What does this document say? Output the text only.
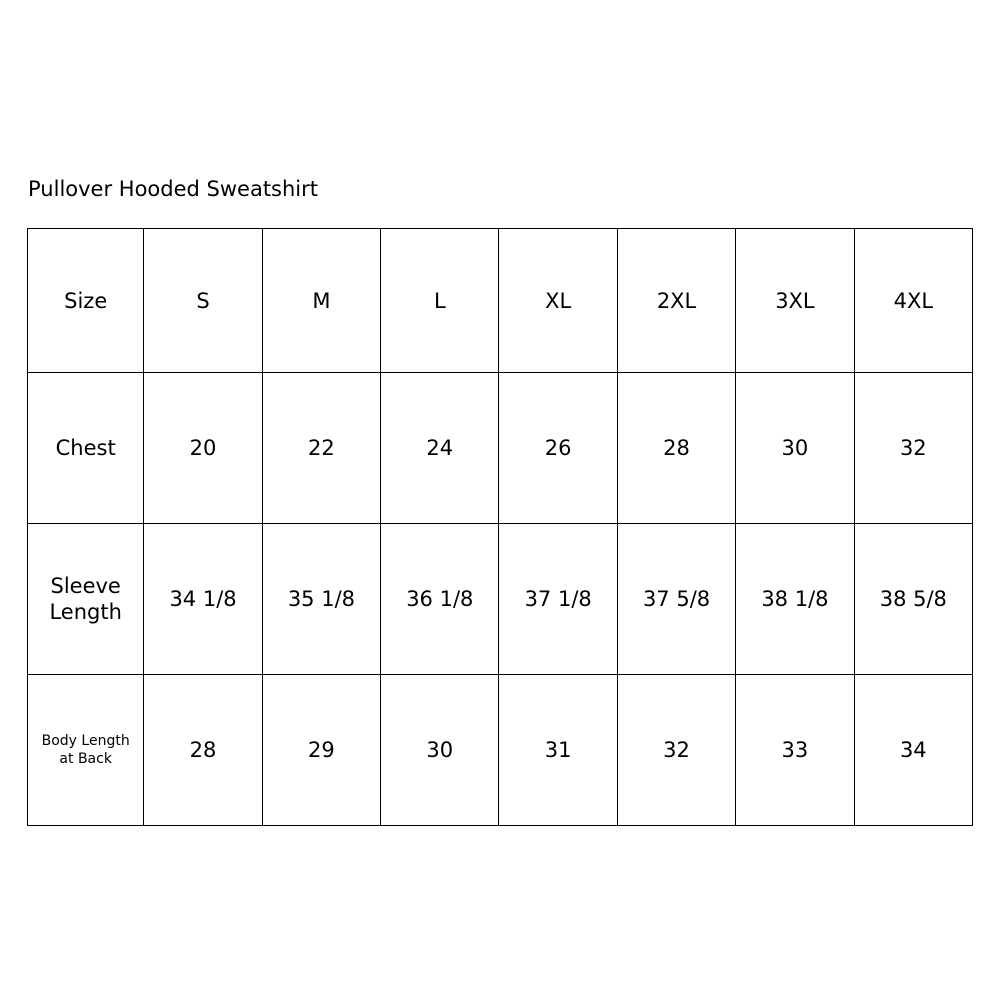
Pullover Hooded Sweatshirt
Size	S	M	L	XL	2XL	3XL	4XL
Chest	20	22	24	26	28	30	32

Sleeve
Length	34 1/8	35 1/8	36 1/8	37 1/8	37 5/8	38 1/8	38 5/8

Body Length
at Back	28	29	30	31	32	33	34
